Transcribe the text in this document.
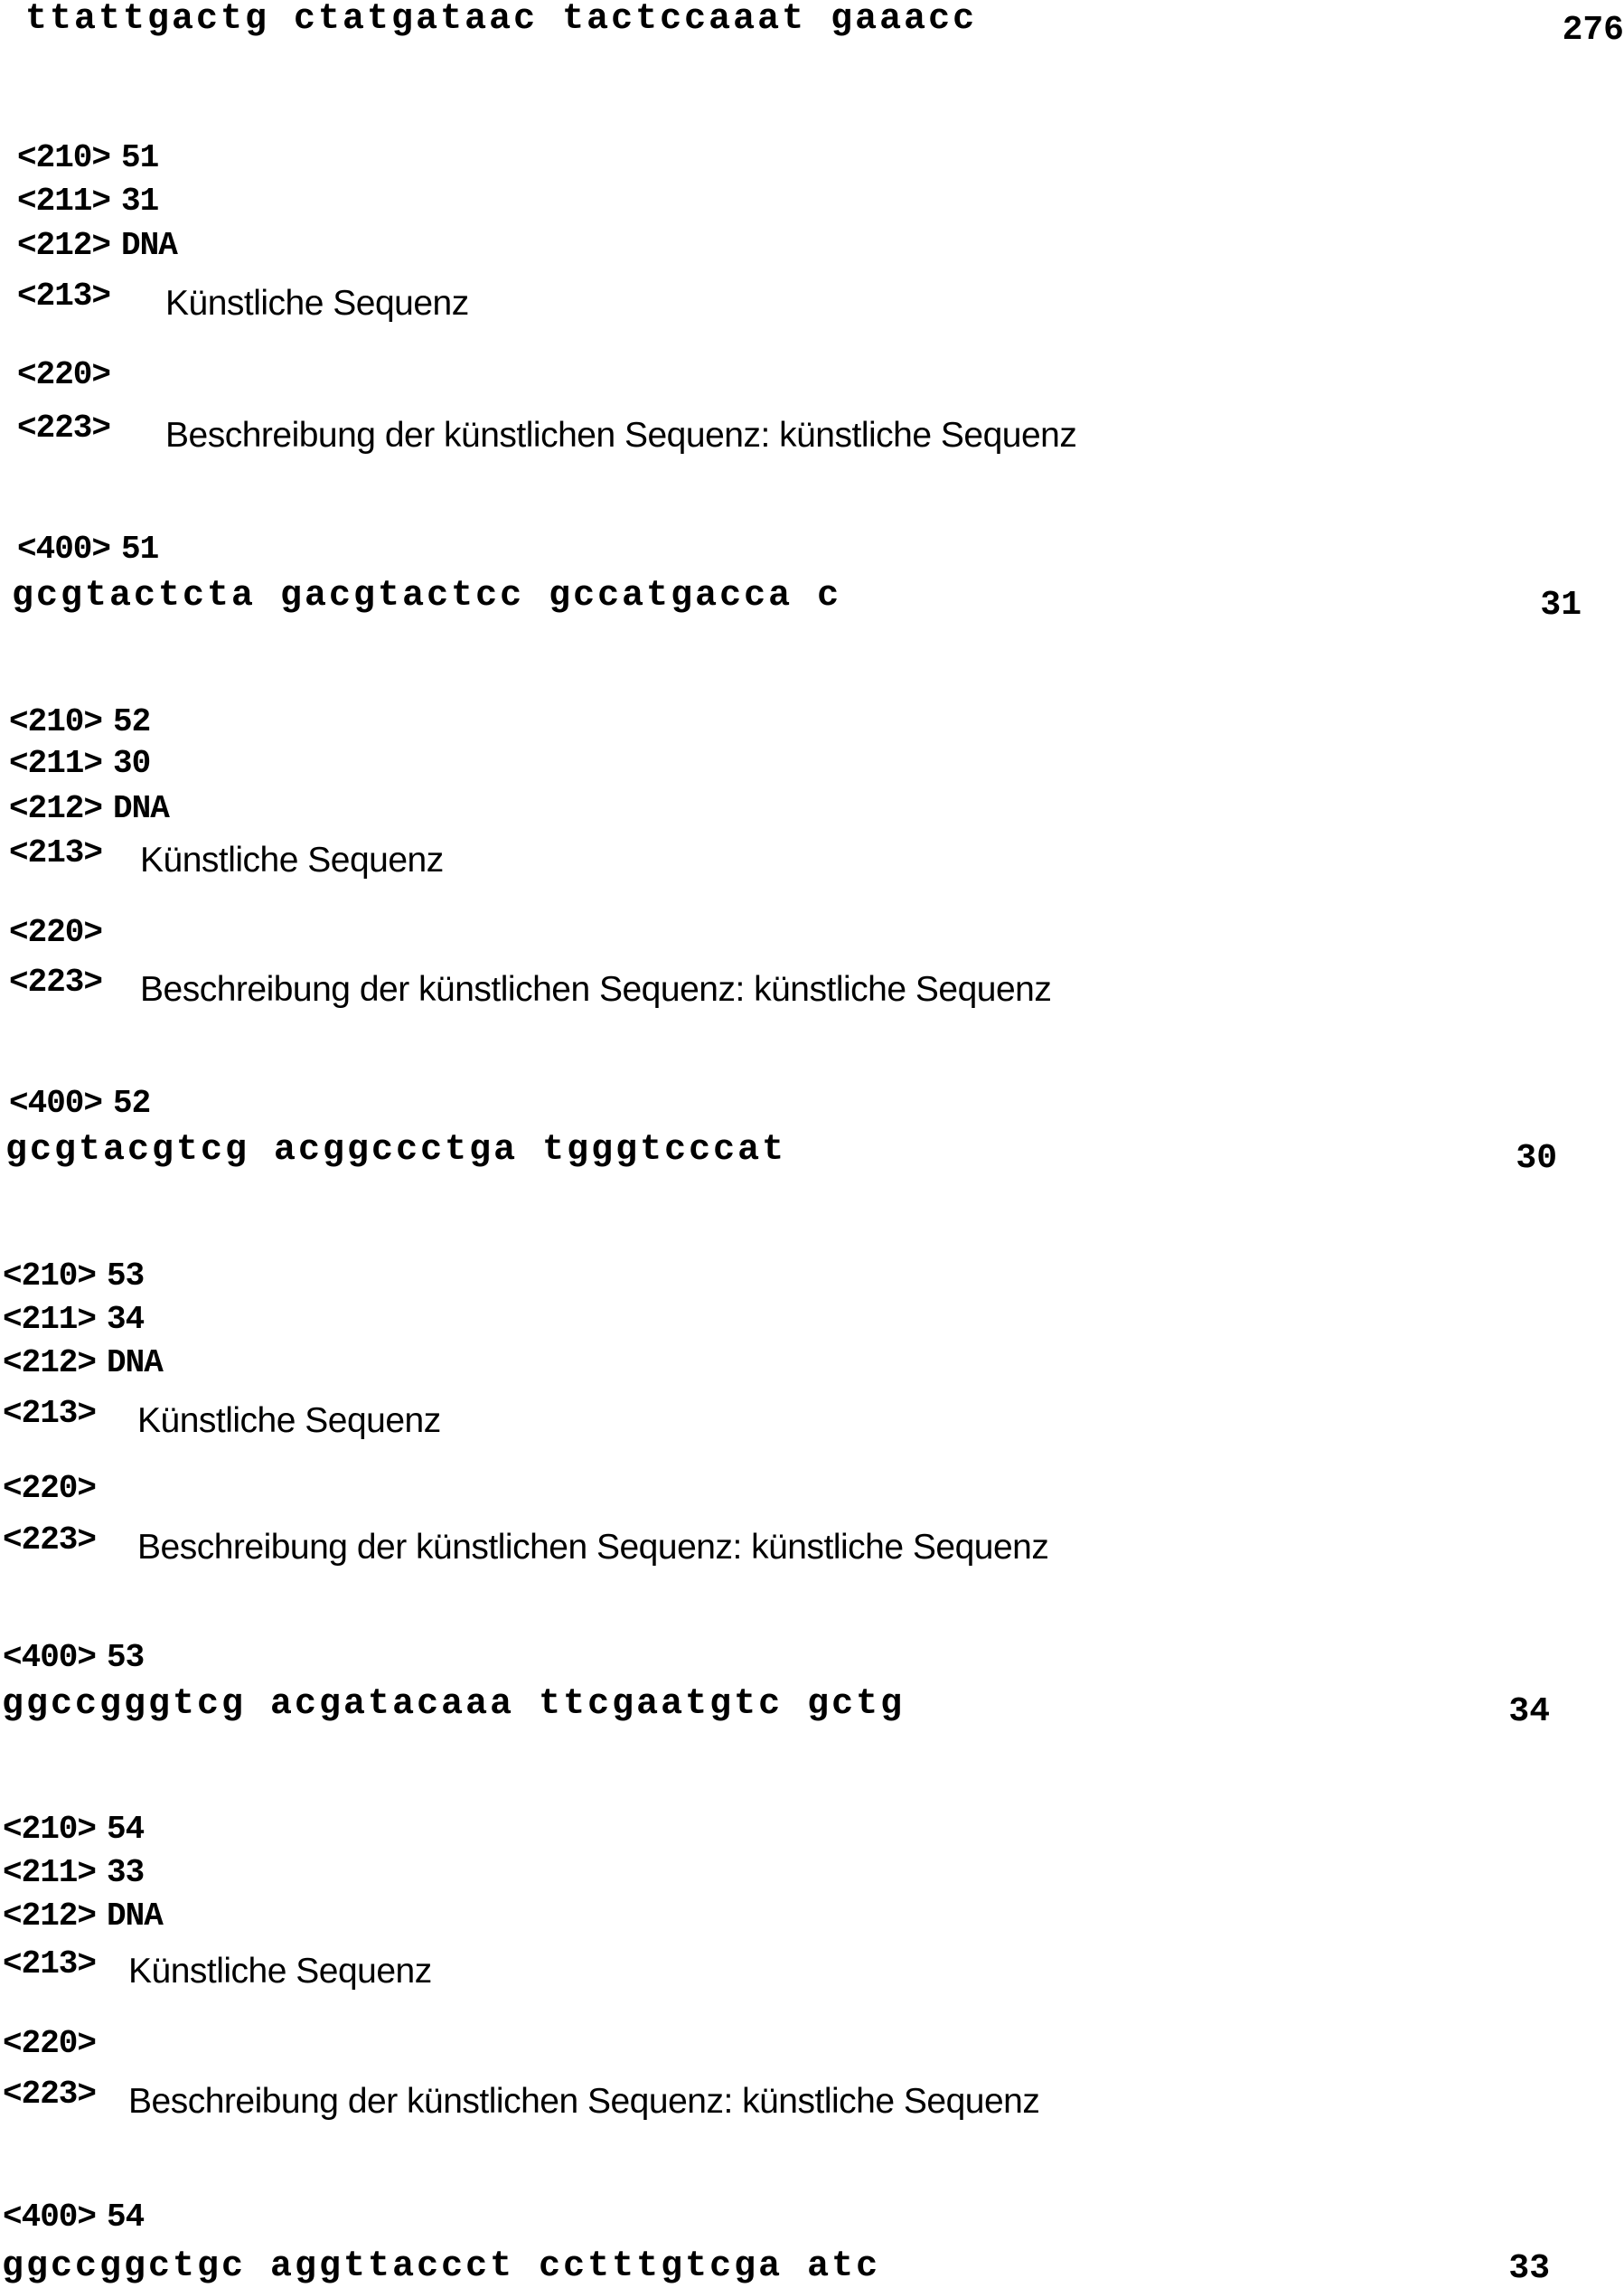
ttattgactg ctatgataac tactccaaat gaaacc	276
<210> 51
<211> 31
<212> DNA
<213> Künstliche Sequenz
<220>
<223> Beschreibung der künstlichen Sequenz: künstliche Sequenz
<400> 51
gcgtactcta gacgtactcc gccatgacca c	31
<210> 52
<211> 30
<212> DNA
<213> Künstliche Sequenz
<220>
<223> Beschreibung der künstlichen Sequenz: künstliche Sequenz
<400> 52
gcgtacgtcg acggccctga tgggtcccat	30
<210> 53
<211> 34
<212> DNA
<213> Künstliche Sequenz
<220>
<223> Beschreibung der künstlichen Sequenz: künstliche Sequenz
<400> 53
ggccgggtcg acgatacaaa ttcgaatgtc gctg	34
<210> 54
<211> 33
<212> DNA
<213> Künstliche Sequenz
<220>
<223> Beschreibung der künstlichen Sequenz: künstliche Sequenz
<400> 54
ggccggctgc aggttaccct cctttgtcga atc	33
